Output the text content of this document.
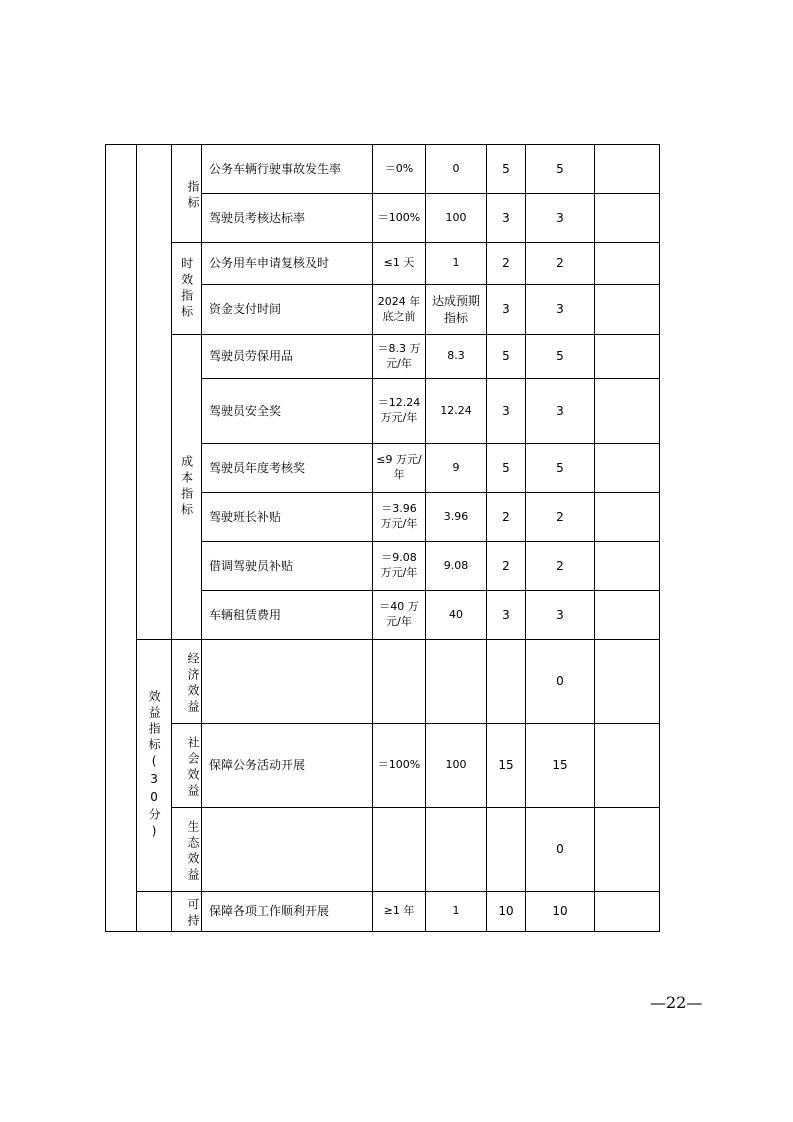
		指标	公务车辆行驶事故发生率	＝0%	0	5	5	
			驾驶员考核达标率	＝100%	100	3	3	
		时效指标	公务用车申请复核及时	≤1 天	1	2	2	
			资金支付时间	2024 年底之前	达成预期指标	3	3	
		成本指标	驾驶员劳保用品	＝8.3 万元/年	8.3	5	5	
			驾驶员安全奖	＝12.24 万元/年	12.24	3	3	
			驾驶员年度考核奖	≤9 万元/年	9	5	5	
			驾驶班长补贴	＝3.96 万元/年	3.96	2	2	
			借调驾驶员补贴	＝9.08 万元/年	9.08	2	2	
			车辆租赁费用	＝40 万元/年	40	3	3	
	效益指标(30分)	经济效益					0	
		社会效益	保障公务活动开展	＝100%	100	15	15	
		生态效益					0	
		可持	保障各项工作顺利开展	≥1 年	1	10	10	
—22—
